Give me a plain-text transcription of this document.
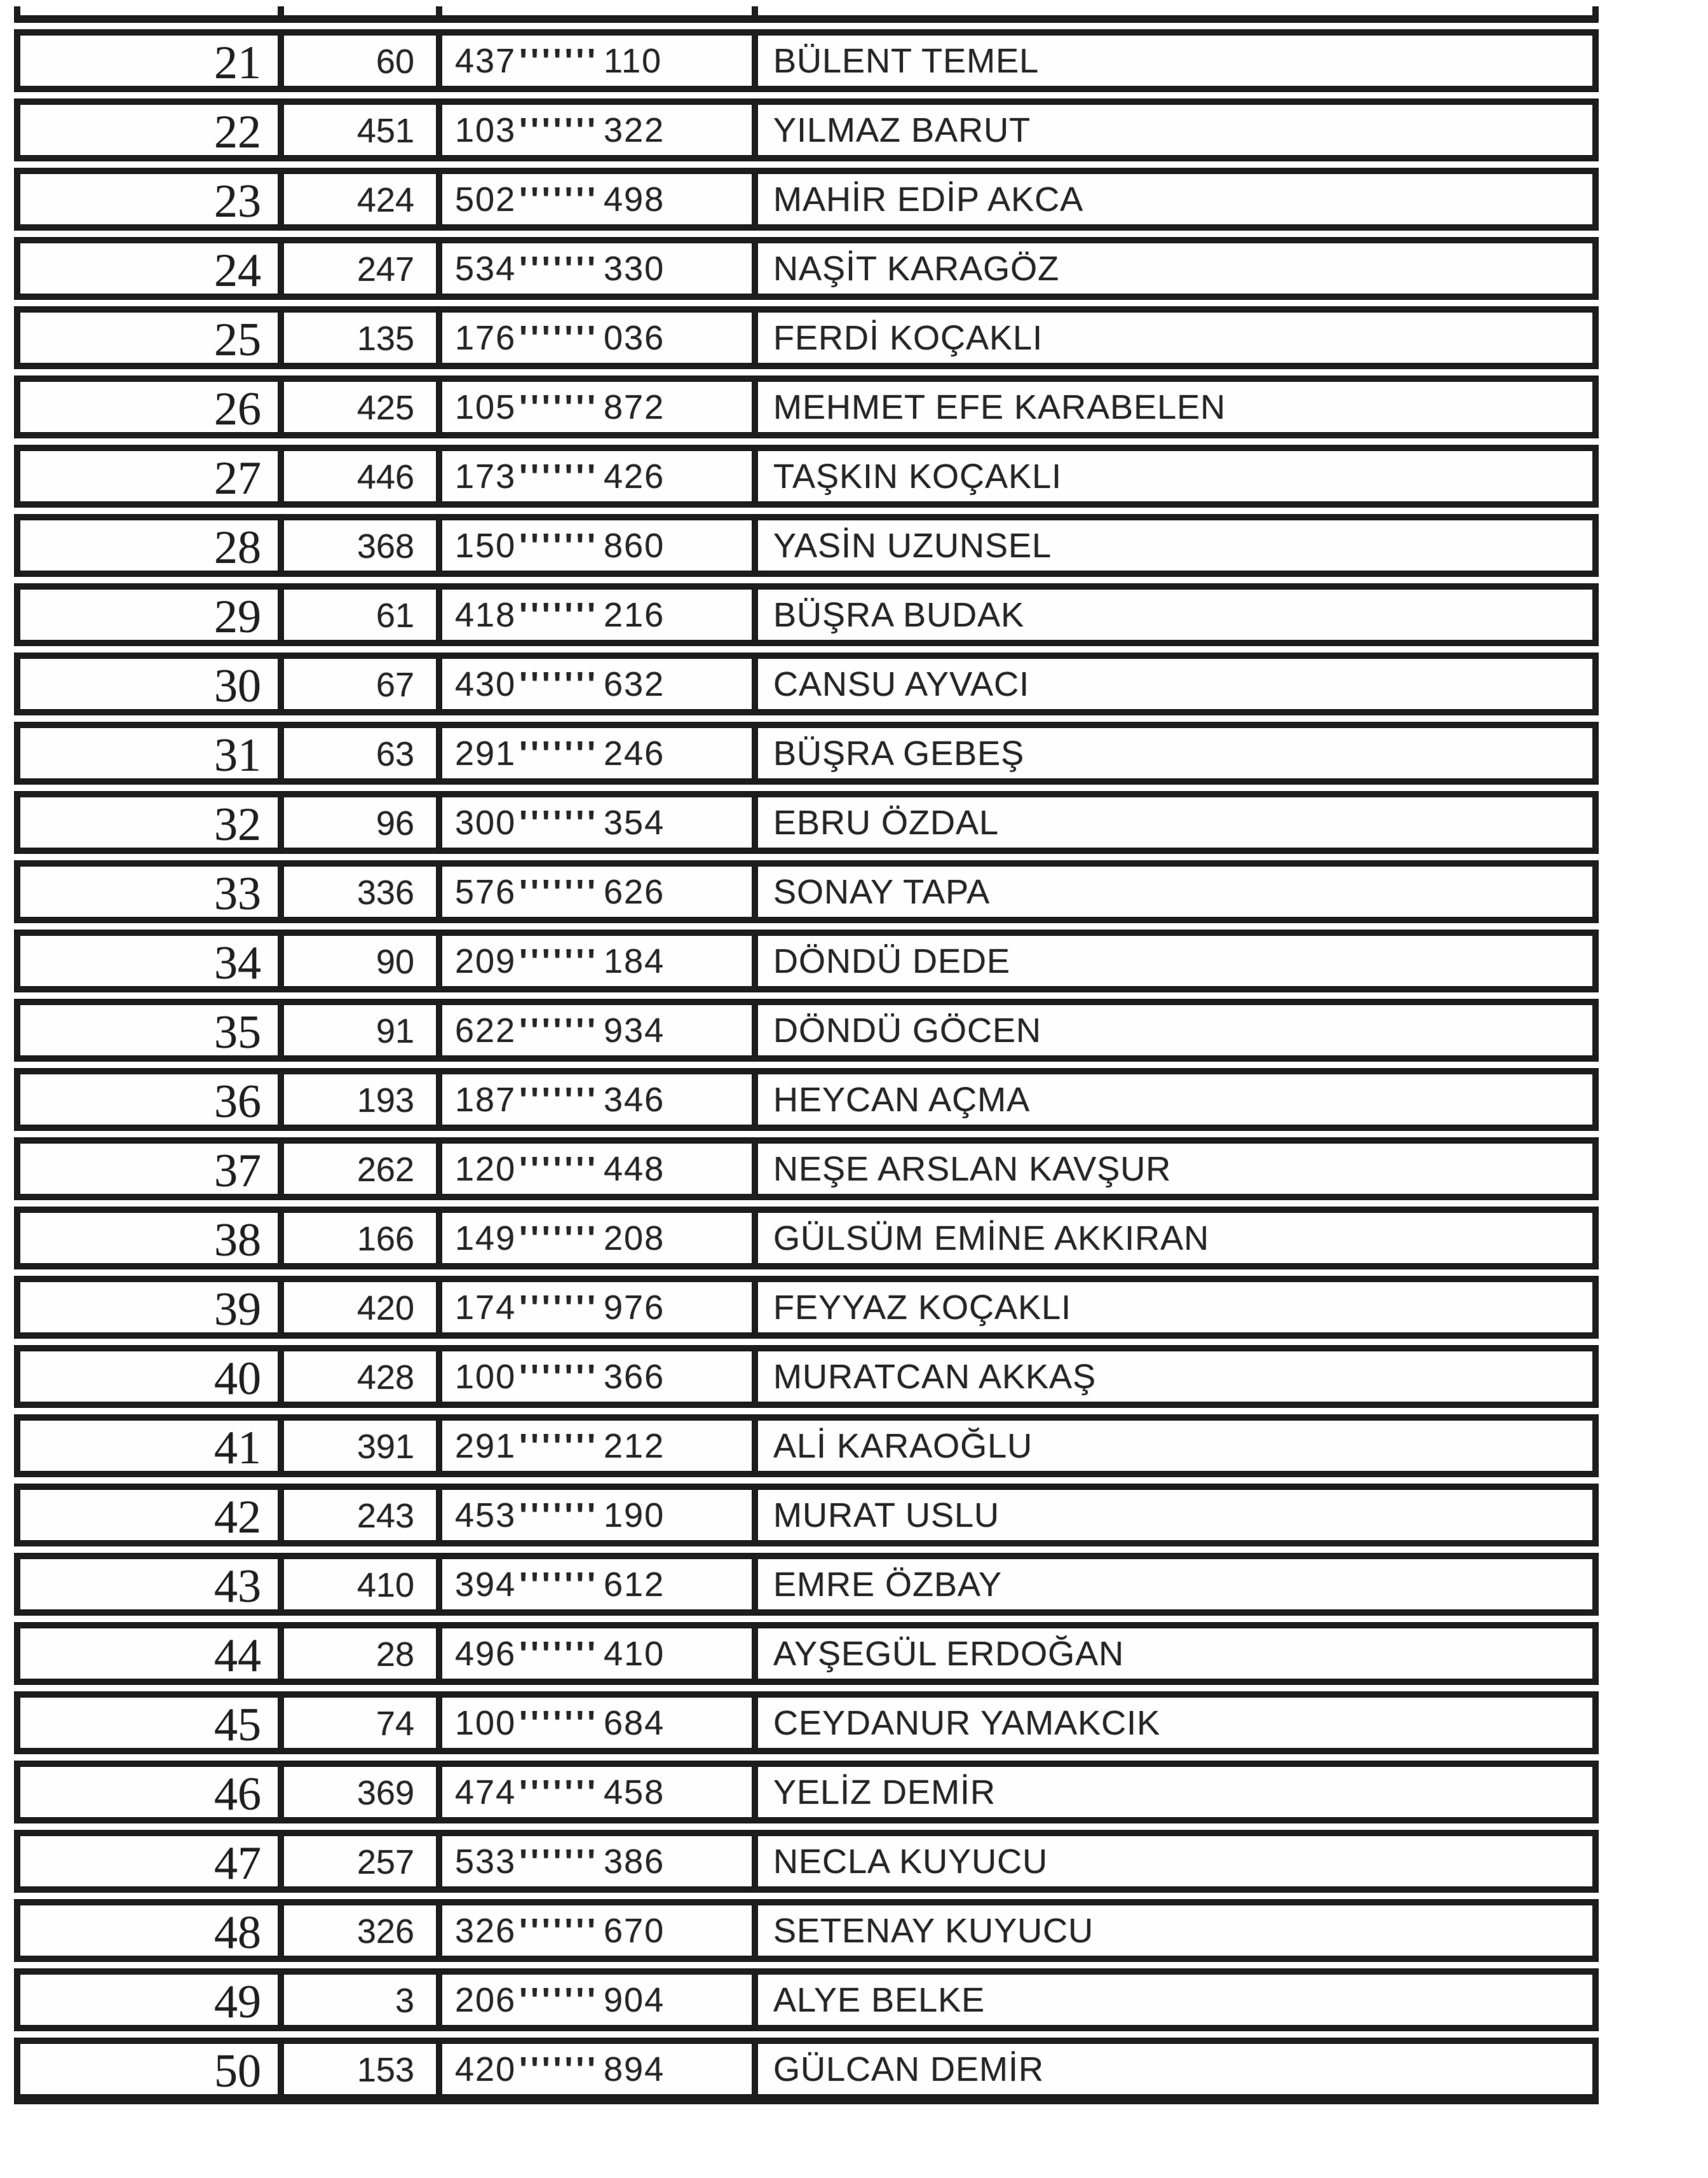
21	60	437''''''' 110	BÜLENT TEMEL
22	451	103''''''' 322	YILMAZ BARUT
23	424	502''''''' 498	MAHİR EDİP AKCA
24	247	534''''''' 330	NAŞİT KARAGÖZ
25	135	176''''''' 036	FERDİ KOÇAKLI
26	425	105''''''' 872	MEHMET EFE KARABELEN
27	446	173''''''' 426	TAŞKIN KOÇAKLI
28	368	150''''''' 860	YASİN UZUNSEL
29	61	418''''''' 216	BÜŞRA BUDAK
30	67	430''''''' 632	CANSU AYVACI
31	63	291''''''' 246	BÜŞRA GEBEŞ
32	96	300''''''' 354	EBRU ÖZDAL
33	336	576''''''' 626	SONAY TAPA
34	90	209''''''' 184	DÖNDÜ DEDE
35	91	622''''''' 934	DÖNDÜ GÖCEN
36	193	187''''''' 346	HEYCAN AÇMA
37	262	120''''''' 448	NEŞE ARSLAN KAVŞUR
38	166	149''''''' 208	GÜLSÜM EMİNE AKKIRAN
39	420	174''''''' 976	FEYYAZ KOÇAKLI
40	428	100''''''' 366	MURATCAN AKKAŞ
41	391	291''''''' 212	ALİ KARAOĞLU
42	243	453''''''' 190	MURAT USLU
43	410	394''''''' 612	EMRE ÖZBAY
44	28	496''''''' 410	AYŞEGÜL ERDOĞAN
45	74	100''''''' 684	CEYDANUR YAMAKCIK
46	369	474''''''' 458	YELİZ DEMİR
47	257	533''''''' 386	NECLA KUYUCU
48	326	326''''''' 670	SETENAY KUYUCU
49	3	206''''''' 904	ALYE BELKE
50	153	420''''''' 894	GÜLCAN DEMİR
